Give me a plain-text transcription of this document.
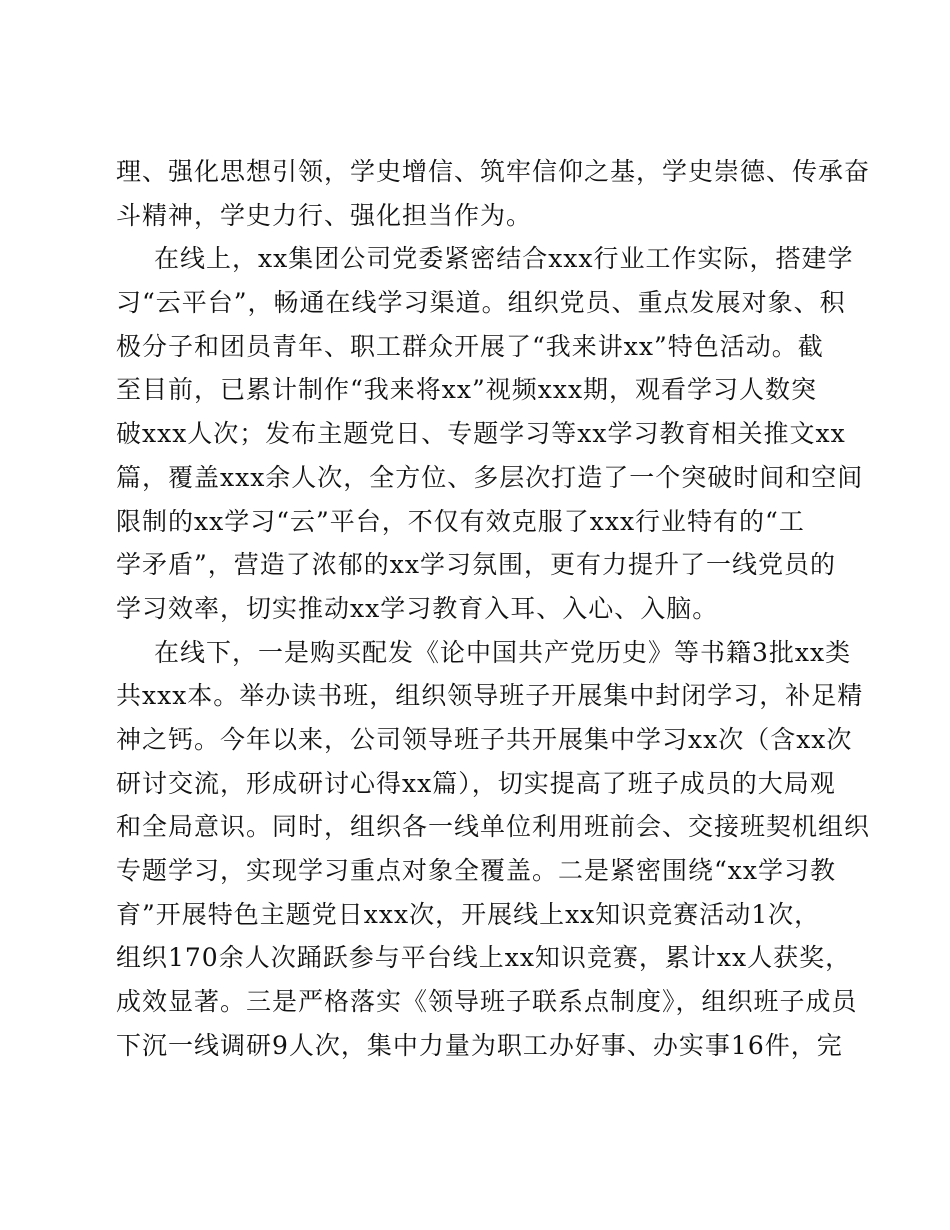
理、强化思想引领，学史增信、筑牢信仰之基，学史崇德、传承奋
斗精神，学史力行、强化担当作为。
在线上，xx集团公司党委紧密结合xxx行业工作实际，搭建学
习“云平台”，畅通在线学习渠道。组织党员、重点发展对象、积
极分子和团员青年、职工群众开展了“我来讲xx”特色活动。截
至目前，已累计制作“我来将xx”视频xxx期，观看学习人数突
破xxx人次；发布主题党日、专题学习等xx学习教育相关推文xx
篇，覆盖xxx余人次，全方位、多层次打造了一个突破时间和空间
限制的xx学习“云”平台，不仅有效克服了xxx行业特有的“工
学矛盾”，营造了浓郁的xx学习氛围，更有力提升了一线党员的
学习效率，切实推动xx学习教育入耳、入心、入脑。
在线下，一是购买配发《论中国共产党历史》等书籍3批xx类
共xxx本。举办读书班，组织领导班子开展集中封闭学习，补足精
神之钙。今年以来，公司领导班子共开展集中学习xx次（含xx次
研讨交流，形成研讨心得xx篇），切实提高了班子成员的大局观
和全局意识。同时，组织各一线单位利用班前会、交接班契机组织
专题学习，实现学习重点对象全覆盖。二是紧密围绕“xx学习教
育”开展特色主题党日xxx次，开展线上xx知识竞赛活动1次，
组织170余人次踊跃参与平台线上xx知识竞赛，累计xx人获奖，
成效显著。三是严格落实《领导班子联系点制度》，组织班子成员
下沉一线调研9人次，集中力量为职工办好事、办实事16件，完
